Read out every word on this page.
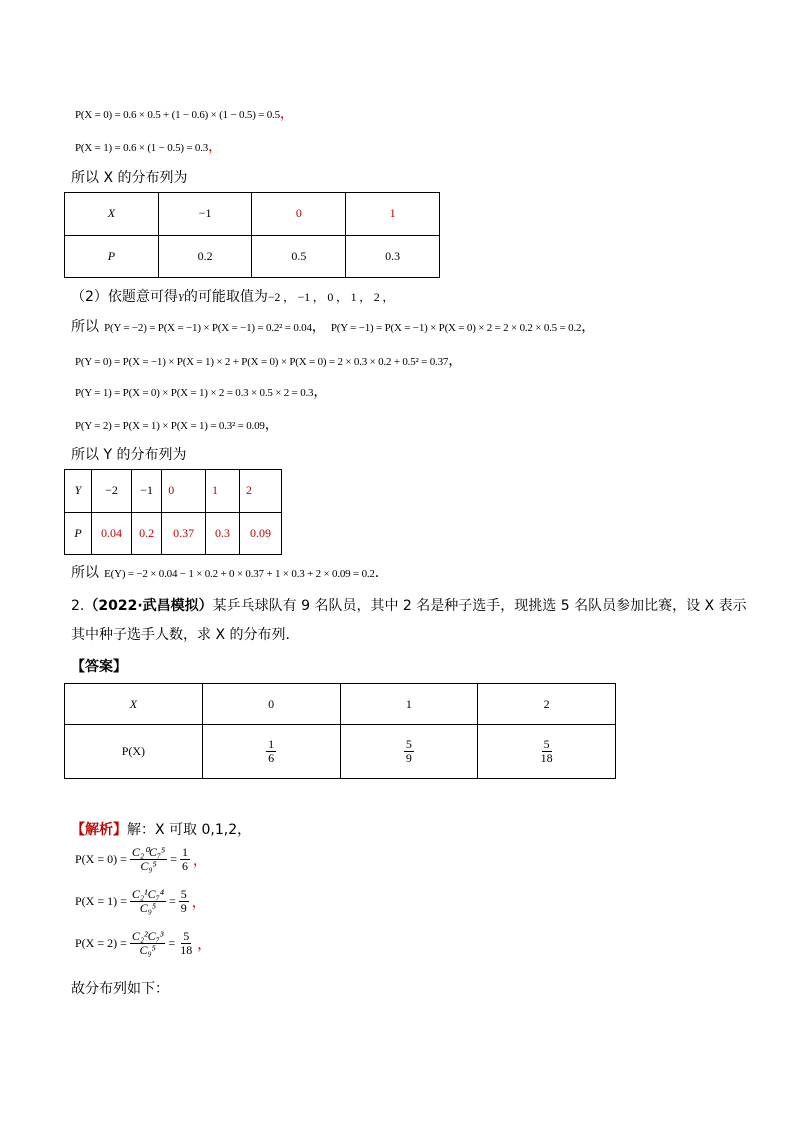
P(X = 0) = 0.6 × 0.5 + (1 − 0.6) × (1 − 0.5) = 0.5，
P(X = 1) = 0.6 × (1 − 0.5) = 0.3，
所以 X 的分布列为
X	−1	0	1
P	0.2	0.5	0.3
（2）依题意可得Y的可能取值为−2 ， −1 ， 0 ， 1 ， 2 ，
所以 P(Y = −2) = P(X = −1) × P(X = −1) = 0.2² = 0.04， P(Y = −1) = P(X = −1) × P(X = 0) × 2 = 2 × 0.2 × 0.5 = 0.2，
P(Y = 0) = P(X = −1) × P(X = 1) × 2 + P(X = 0) × P(X = 0) = 2 × 0.3 × 0.2 + 0.5² = 0.37，
P(Y = 1) = P(X = 0) × P(X = 1) × 2 = 0.3 × 0.5 × 2 = 0.3，
P(Y = 2) = P(X = 1) × P(X = 1) = 0.3² = 0.09，
所以 Y 的分布列为
Y	−2	−1	0	1	2
P	0.04	0.2	0.37	0.3	0.09
所以 E(Y) = −2 × 0.04 − 1 × 0.2 + 0 × 0.37 + 1 × 0.3 + 2 × 0.09 = 0.2．
2.（2022·武昌模拟）某乒乓球队有 9 名队员，其中 2 名是种子选手，现挑选 5 名队员参加比赛，设 X 表示
其中种子选手人数，求 X 的分布列．
【答案】
X	0	1	2
P(X)	$\frac{1}{6}$	$\frac{5}{9}$	$\frac{5}{18}$
【解析】解：X 可取 0,1,2，
$P(X = 0) = \frac{\text{C₂⁰C₇⁵}}{\text{C₉⁵}} = \frac{1}{6}$ ，
$P(X = 1) = \frac{\text{C₂¹C₇⁴}}{\text{C₉⁵}} = \frac{5}{9}$ ，
$P(X = 2) = \frac{\text{C₂²C₇³}}{\text{C₉⁵}} = \frac{5}{18}$ ，
故分布列如下：
